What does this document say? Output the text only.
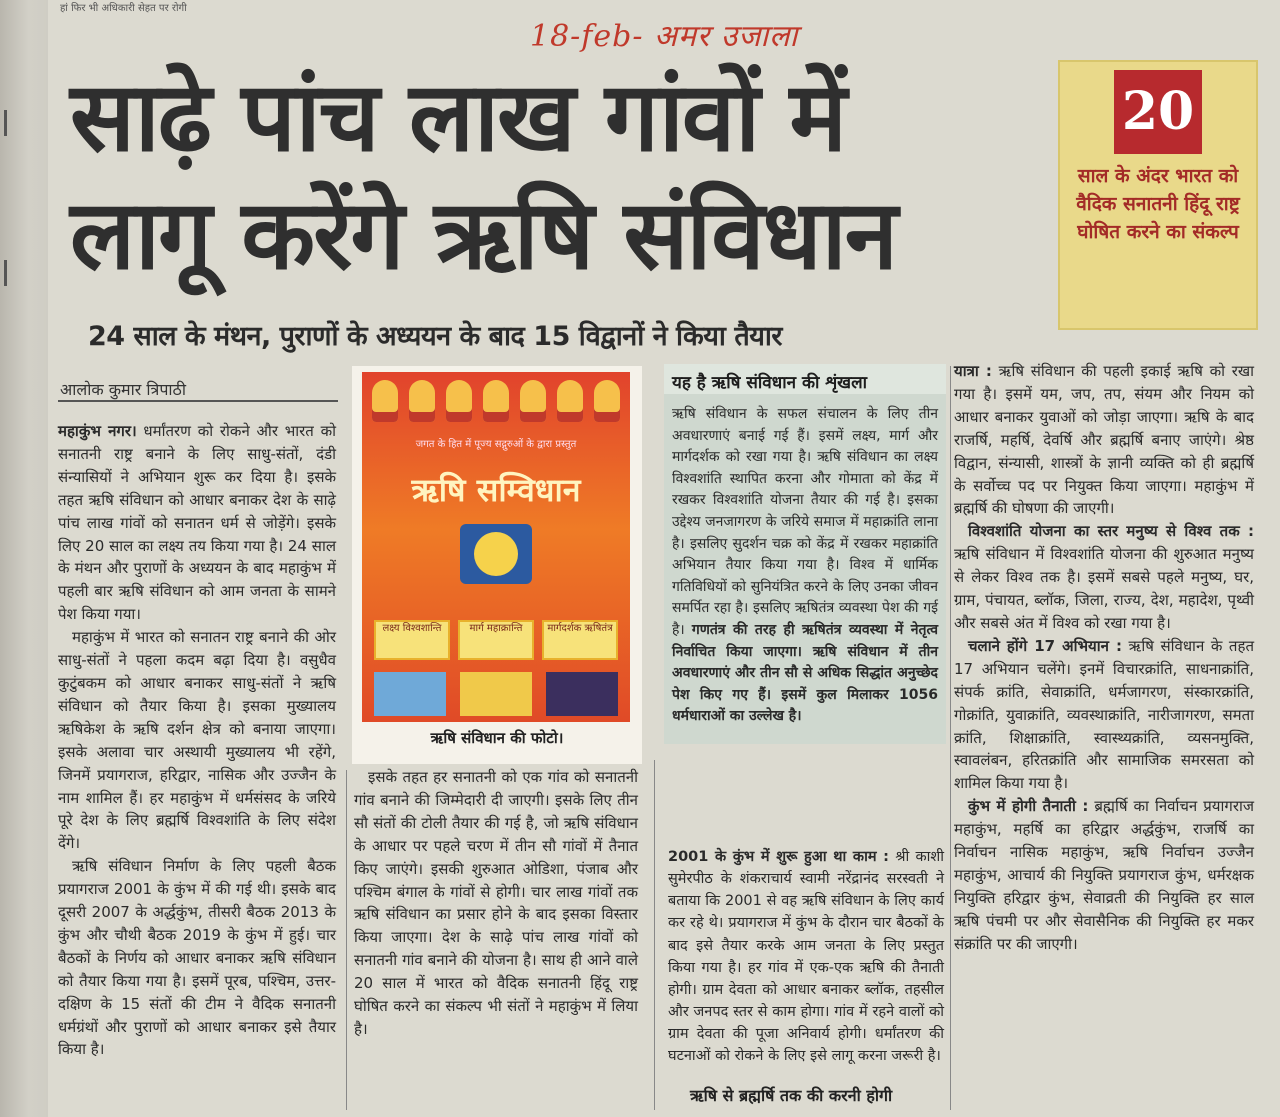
हां फिर भी अधिकारी सेहत पर रोगी
18-feb- अमर उजाला
साढ़े पांच लाख गांवों में
लागू करेंगे ऋषि संविधान
20
साल के अंदर भारत को वैदिक सनातनी हिंदू राष्ट्र घोषित करने का संकल्प
24 साल के मंथन, पुराणों के अध्ययन के बाद 15 विद्वानों ने किया तैयार
आलोक कुमार त्रिपाठी

महाकुंभ नगर। धर्मांतरण को रोकने और भारत को सनातनी राष्ट्र बनाने के लिए साधु-संतों, दंडी संन्यासियों ने अभियान शुरू कर दिया है। इसके तहत ऋषि संविधान को आधार बनाकर देश के साढ़े पांच लाख गांवों को सनातन धर्म से जोड़ेंगे। इसके लिए 20 साल का लक्ष्य तय किया गया है। 24 साल के मंथन और पुराणों के अध्ययन के बाद महाकुंभ में पहली बार ऋषि संविधान को आम जनता के सामने पेश किया गया।

महाकुंभ में भारत को सनातन राष्ट्र बनाने की ओर साधु-संतों ने पहला कदम बढ़ा दिया है। वसुधैव कुटुंबकम को आधार बनाकर साधु-संतों ने ऋषि संविधान को तैयार किया है। इसका मुख्यालय ऋषिकेश के ऋषि दर्शन क्षेत्र को बनाया जाएगा। इसके अलावा चार अस्थायी मुख्यालय भी रहेंगे, जिनमें प्रयागराज, हरिद्वार, नासिक और उज्जैन के नाम शामिल हैं। हर महाकुंभ में धर्मसंसद के जरिये पूरे देश के लिए ब्रह्मर्षि विश्वशांति के लिए संदेश देंगे।

ऋषि संविधान निर्माण के लिए पहली बैठक प्रयागराज 2001 के कुंभ में की गई थी। इसके बाद दूसरी 2007 के अर्द्धकुंभ, तीसरी बैठक 2013 के कुंभ और चौथी बैठक 2019 के कुंभ में हुई। चार बैठकों के निर्णय को आधार बनाकर ऋषि संविधान को तैयार किया गया है। इसमें पूरब, पश्चिम, उत्तर-दक्षिण के 15 संतों की टीम ने वैदिक सनातनी धर्मग्रंथों और पुराणों को आधार बनाकर इसे तैयार किया है।

जगत के हित में पूज्य सद्गुरुओं के द्वारा प्रस्तुत
ऋषि सम्विधान
लक्ष्य विश्वशान्ति	मार्ग महाक्रान्ति	मार्गदर्शक ऋषितंत्र
ऋषि संविधान की फोटो।
यह है ऋषि संविधान की शृंखला
ऋषि संविधान के सफल संचालन के लिए तीन अवधारणाएं बनाई गई हैं। इसमें लक्ष्य, मार्ग और मार्गदर्शक को रखा गया है। ऋषि संविधान का लक्ष्य विश्वशांति स्थापित करना और गोमाता को केंद्र में रखकर विश्वशांति योजना तैयार की गई है। इसका उद्देश्य जनजागरण के जरिये समाज में महाक्रांति लाना है। इसलिए सुदर्शन चक्र को केंद्र में रखकर महाक्रांति अभियान तैयार किया गया है। विश्व में धार्मिक गतिविधियों को सुनियंत्रित करने के लिए उनका जीवन समर्पित रहा है। इसलिए ऋषितंत्र व्यवस्था पेश की गई है। गणतंत्र की तरह ही ऋषितंत्र व्यवस्था में नेतृत्व निर्वाचित किया जाएगा। ऋषि संविधान में तीन अवधारणाएं और तीन सौ से अधिक सिद्धांत अनुच्छेद पेश किए गए हैं। इसमें कुल मिलाकर 1056 धर्मधाराओं का उल्लेख है।

इसके तहत हर सनातनी को एक गांव को सनातनी गांव बनाने की जिम्मेदारी दी जाएगी। इसके लिए तीन सौ संतों की टोली तैयार की गई है, जो ऋषि संविधान के आधार पर पहले चरण में तीन सौ गांवों में तैनात किए जाएंगे। इसकी शुरुआत ओडिशा, पंजाब और पश्चिम बंगाल के गांवों से होगी। चार लाख गांवों तक ऋषि संविधान का प्रसार होने के बाद इसका विस्तार किया जाएगा। देश के साढ़े पांच लाख गांवों को सनातनी गांव बनाने की योजना है। साथ ही आने वाले 20 साल में भारत को वैदिक सनातनी हिंदू राष्ट्र घोषित करने का संकल्प भी संतों ने महाकुंभ में लिया है।

2001 के कुंभ में शुरू हुआ था काम : श्री काशी सुमेरपीठ के शंकराचार्य स्वामी नरेंद्रानंद सरस्वती ने बताया कि 2001 से वह ऋषि संविधान के लिए कार्य कर रहे थे। प्रयागराज में कुंभ के दौरान चार बैठकों के बाद इसे तैयार करके आम जनता के लिए प्रस्तुत किया गया है। हर गांव में एक-एक ऋषि की तैनाती होगी। ग्राम देवता को आधार बनाकर ब्लॉक, तहसील और जनपद स्तर से काम होगा। गांव में रहने वालों को ग्राम देवता की पूजा अनिवार्य होगी। धर्मांतरण की घटनाओं को रोकने के लिए इसे लागू करना जरूरी है।

ऋषि से ब्रह्मर्षि तक की करनी होगी

यात्रा : ऋषि संविधान की पहली इकाई ऋषि को रखा गया है। इसमें यम, जप, तप, संयम और नियम को आधार बनाकर युवाओं को जोड़ा जाएगा। ऋषि के बाद राजर्षि, महर्षि, देवर्षि और ब्रह्मर्षि बनाए जाएंगे। श्रेष्ठ विद्वान, संन्यासी, शास्त्रों के ज्ञानी व्यक्ति को ही ब्रह्मर्षि के सर्वोच्च पद पर नियुक्त किया जाएगा। महाकुंभ में ब्रह्मर्षि की घोषणा की जाएगी।

विश्वशांति योजना का स्तर मनुष्य से विश्व तक : ऋषि संविधान में विश्वशांति योजना की शुरुआत मनुष्य से लेकर विश्व तक है। इसमें सबसे पहले मनुष्य, घर, ग्राम, पंचायत, ब्लॉक, जिला, राज्य, देश, महादेश, पृथ्वी और सबसे अंत में विश्व को रखा गया है।

चलाने होंगे 17 अभियान : ऋषि संविधान के तहत 17 अभियान चलेंगे। इनमें विचारक्रांति, साधनाक्रांति, संपर्क क्रांति, सेवाक्रांति, धर्मजागरण, संस्कारक्रांति, गोक्रांति, युवाक्रांति, व्यवस्थाक्रांति, नारीजागरण, समता क्रांति, शिक्षाक्रांति, स्वास्थ्यक्रांति, व्यसनमुक्ति, स्वावलंबन, हरितक्रांति और सामाजिक समरसता को शामिल किया गया है।

कुंभ में होगी तैनाती : ब्रह्मर्षि का निर्वाचन प्रयागराज महाकुंभ, महर्षि का हरिद्वार अर्द्धकुंभ, राजर्षि का निर्वाचन नासिक महाकुंभ, ऋषि निर्वाचन उज्जैन महाकुंभ, आचार्य की नियुक्ति प्रयागराज कुंभ, धर्मरक्षक नियुक्ति हरिद्वार कुंभ, सेवाव्रती की नियुक्ति हर साल ऋषि पंचमी पर और सेवासैनिक की नियुक्ति हर मकर संक्रांति पर की जाएगी।
